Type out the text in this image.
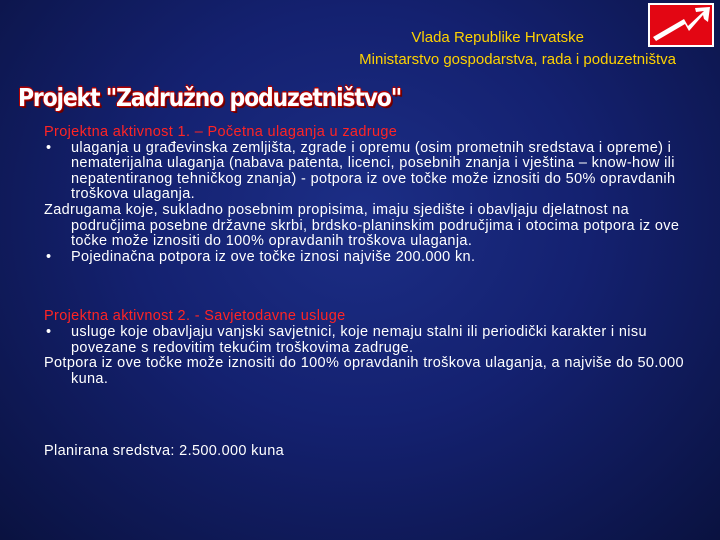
Vlada Republike Hrvatske
Ministarstvo gospodarstva, rada i poduzetništva
Projekt "Zadružno poduzetništvo"

Projektna aktivnost 1. – Početna ulaganja u zadruge

• ulaganja u građevinska zemljišta, zgrade i opremu (osim prometnih sredstava i opreme) i nematerijalna ulaganja (nabava patenta, licenci, posebnih znanja i vještina – know-how ili nepatentiranog tehničkog znanja) - potpora iz ove točke može iznositi do 50% opravdanih troškova ulaganja.

Zadrugama koje, sukladno posebnim propisima, imaju sjedište i obavljaju djelatnost na područjima posebne državne skrbi, brdsko-planinskim područjima i otocima potpora iz ove točke može iznositi do 100% opravdanih troškova ulaganja.

• Pojedinačna potpora iz ove točke iznosi najviše 200.000 kn.

Projektna aktivnost 2. - Savjetodavne usluge

• usluge koje obavljaju vanjski savjetnici, koje nemaju stalni ili periodički karakter i nisu povezane s redovitim tekućim troškovima zadruge.

Potpora iz ove točke može iznositi do 100% opravdanih troškova ulaganja, a najviše do 50.000 kuna.

Planirana sredstva: 2.500.000 kuna
